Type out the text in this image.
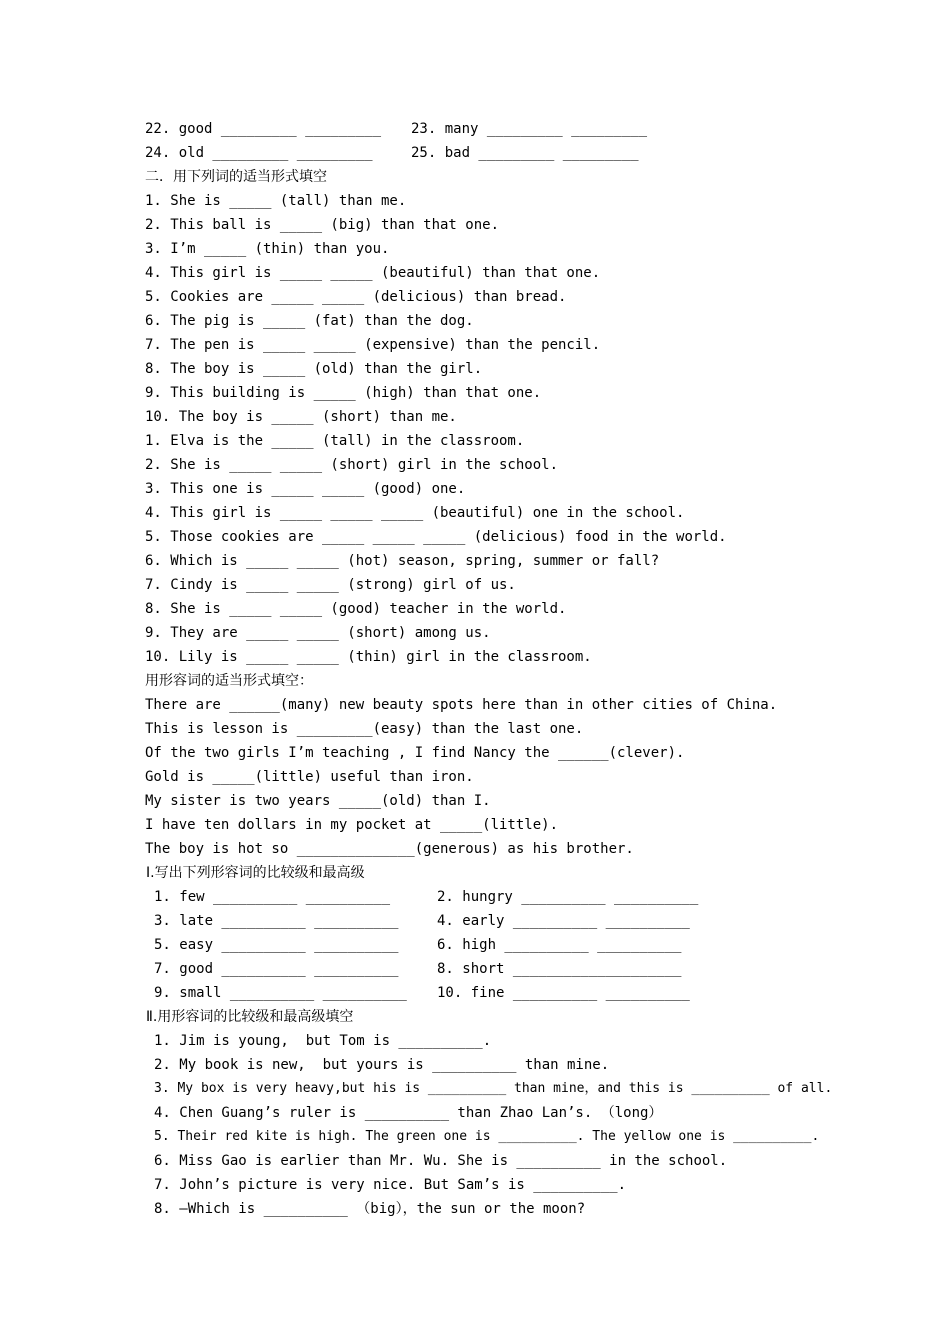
22. good _________ _________ 23. many _________ _________
24. old _________ _________	25. bad _________ _________
二．用下列词的适当形式填空
1. She is _____ (tall) than me.
2. This ball is _____ (big) than that one.
3. I’m _____ (thin) than you.
4. This girl is _____ _____ (beautiful) than that one.
5. Cookies are _____ _____ (delicious) than bread.
6. The pig is _____ (fat) than the dog.
7. The pen is _____ _____ (expensive) than the pencil.
8. The boy is _____ (old) than the girl.
9. This building is _____ (high) than that one.
10. The boy is _____ (short) than me.
1. Elva is the _____ (tall) in the classroom.
2. She is _____ _____ (short) girl in the school.
3. This one is _____ _____ (good) one.
4. This girl is _____ _____ _____ (beautiful) one in the school.
5. Those cookies are _____ _____ _____ (delicious) food in the world.
6. Which is _____ _____ (hot) season, spring, summer or fall?
7. Cindy is _____ _____ (strong) girl of us.
8. She is _____ _____ (good) teacher in the world.
9. They are _____ _____ (short) among us.
10. Lily is _____ _____ (thin) girl in the classroom.
用形容词的适当形式填空：
There are ______(many) new beauty spots here than in other cities of China.
This is lesson is _________(easy) than the last one.
Of the two girls I’m teaching , I find Nancy the ______(clever).
Gold is _____(little) useful than iron.
My sister is two years _____(old) than I.
I have ten dollars in my pocket at _____(little).
The boy is hot so ______________(generous) as his brother.
Ⅰ.写出下列形容词的比较级和最高级
1. few __________ __________	2. hungry __________ __________
3. late __________ __________	4. early __________ __________
5. easy __________ __________	6. high __________ __________
7. good __________ __________	8. short ____________________
9. small __________ __________ 10. fine __________ __________
Ⅱ.用形容词的比较级和最高级填空
1. Jim is young,  but Tom is __________.
2. My book is new,  but yours is __________ than mine.
3. My box is very heavy,but his is __________ than mine，and this is __________ of all.
4. Chen Guang’s ruler is __________ than Zhao Lan’s. （long）
5. Their red kite is high. The green one is __________. The yellow one is __________.
6. Miss Gao is earlier than Mr. Wu. She is __________ in the school.
7. John’s picture is very nice. But Sam’s is __________.
8. —Which is __________ （big），the sun or the moon?
